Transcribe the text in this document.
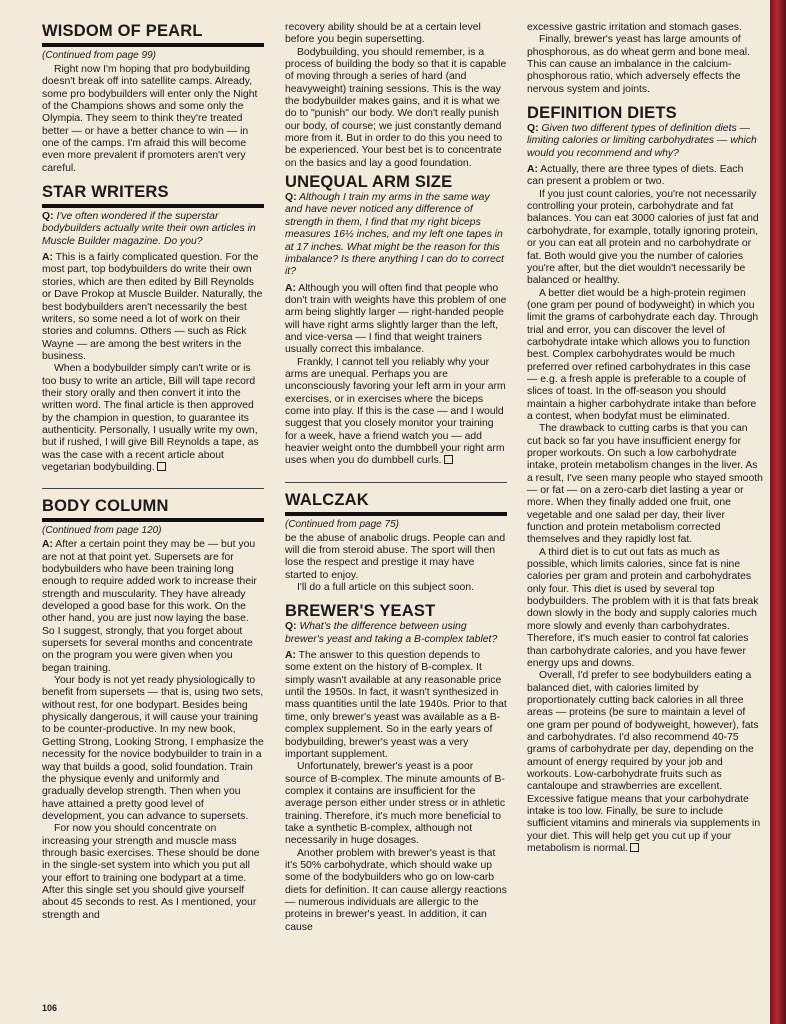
WISDOM OF PEARL

(Continued from page 99)

Right now I'm hoping that pro bodybuilding doesn't break off into satellite camps. Already, some pro bodybuilders will enter only the Night of the Champions shows and some only the Olympia. They seem to think they're treated better — or have a better chance to win — in one of the camps. I'm afraid this will become even more prevalent if promoters aren't very careful.

STAR WRITERS

Q: I've often wondered if the superstar bodybuilders actually write their own articles in Muscle Builder magazine. Do you?

A: This is a fairly complicated question. For the most part, top bodybuilders do write their own stories, which are then edited by Bill Reynolds or Dave Prokop at Muscle Builder. Naturally, the best bodybuilders aren't necessarily the best writers, so some need a lot of work on their stories and columns. Others — such as Rick Wayne — are among the best writers in the business.

When a bodybuilder simply can't write or is too busy to write an article, Bill will tape record their story orally and then convert it into the written word. The final article is then approved by the champion in question, to guarantee its authenticity. Personally, I usually write my own, but if rushed, I will give Bill Reynolds a tape, as was the case with a recent article about vegetarian bodybuilding.

BODY COLUMN

(Continued from page 120)

A: After a certain point they may be — but you are not at that point yet. Supersets are for bodybuilders who have been training long enough to require added work to increase their strength and muscularity. They have already developed a good base for this work. On the other hand, you are just now laying the base. So I suggest, strongly, that you forget about supersets for several months and concentrate on the program you were given when you began training.

Your body is not yet ready physiologically to benefit from supersets — that is, using two sets, without rest, for one bodypart. Besides being physically dangerous, it will cause your training to be counter-productive. In my new book, Getting Strong, Looking Strong, I emphasize the necessity for the novice bodybuilder to train in a way that builds a good, solid foundation. Train the physique evenly and uniformly and gradually develop strength. Then when you have attained a pretty good level of development, you can advance to supersets.

For now you should concentrate on increasing your strength and muscle mass through basic exercises. These should be done in the single-set system into which you put all your effort to training one bodypart at a time. After this single set you should give yourself about 45 seconds to rest. As I mentioned, your strength and

recovery ability should be at a certain level before you begin supersetting.

Bodybuilding, you should remember, is a process of building the body so that it is capable of moving through a series of hard (and heavyweight) training sessions. This is the way the bodybuilder makes gains, and it is what we do to "punish" our body. We don't really punish our body, of course; we just constantly demand more from it. But in order to do this you need to be experienced. Your best bet is to concentrate on the basics and lay a good foundation.

UNEQUAL ARM SIZE

Q: Although I train my arms in the same way and have never noticed any difference of strength in them, I find that my right biceps measures 16½ inches, and my left one tapes in at 17 inches. What might be the reason for this imbalance? Is there anything I can do to correct it?

A: Although you will often find that people who don't train with weights have this problem of one arm being slightly larger — right-handed people will have right arms slightly larger than the left, and vice-versa — I find that weight trainers usually correct this imbalance.

Frankly, I cannot tell you reliably why your arms are unequal. Perhaps you are unconsciously favoring your left arm in your arm exercises, or in exercises where the biceps come into play. If this is the case — and I would suggest that you closely monitor your training for a week, have a friend watch you — add heavier weight onto the dumbbell your right arm uses when you do dumbbell curls.

WALCZAK

(Continued from page 75)

be the abuse of anabolic drugs. People can and will die from steroid abuse. The sport will then lose the respect and prestige it may have started to enjoy.

I'll do a full article on this subject soon.

BREWER'S YEAST

Q: What's the difference between using brewer's yeast and taking a B-complex tablet?

A: The answer to this question depends to some extent on the history of B-complex. It simply wasn't available at any reasonable price until the 1950s. In fact, it wasn't synthesized in mass quantities until the late 1940s. Prior to that time, only brewer's yeast was available as a B-complex supplement. So in the early years of bodybuilding, brewer's yeast was a very important supplement.

Unfortunately, brewer's yeast is a poor source of B-complex. The minute amounts of B-complex it contains are insufficient for the average person either under stress or in athletic training. Therefore, it's much more beneficial to take a synthetic B-complex, although not necessarily in huge dosages.

Another problem with brewer's yeast is that it's 50% carbohydrate, which should wake up some of the bodybuilders who go on low-carb diets for definition. It can cause allergy reactions — numerous individuals are allergic to the proteins in brewer's yeast. In addition, it can cause

excessive gastric irritation and stomach gases.

Finally, brewer's yeast has large amounts of phosphorous, as do wheat germ and bone meal. This can cause an imbalance in the calcium-phosphorous ratio, which adversely effects the nervous system and joints.

DEFINITION DIETS

Q: Given two different types of definition diets — limiting calories or limiting carbohydrates — which would you recommend and why?

A: Actually, there are three types of diets. Each can present a problem or two.

If you just count calories, you're not necessarily controlling your protein, carbohydrate and fat balances. You can eat 3000 calories of just fat and carbohydrate, for example, totally ignoring protein, or you can eat all protein and no carbohydrate or fat. Both would give you the number of calories you're after, but the diet wouldn't necessarily be balanced or healthy.

A better diet would be a high-protein regimen (one gram per pound of bodyweight) in which you limit the grams of carbohydrate each day. Through trial and error, you can discover the level of carbohydrate intake which allows you to function best. Complex carbohydrates would be much preferred over refined carbohydrates in this case — e.g. a fresh apple is preferable to a couple of slices of toast. In the off-season you should maintain a higher carbohydrate intake than before a contest, when bodyfat must be eliminated.

The drawback to cutting carbs is that you can cut back so far you have insufficient energy for proper workouts. On such a low carbohydrate intake, protein metabolism changes in the liver. As a result, I've seen many people who stayed smooth — or fat — on a zero-carb diet lasting a year or more. When they finally added one fruit, one vegetable and one salad per day, their liver function and protein metabolism corrected themselves and they rapidly lost fat.

A third diet is to cut out fats as much as possible, which limits calories, since fat is nine calories per gram and protein and carbohydrates only four. This diet is used by several top bodybuilders. The problem with it is that fats break down slowly in the body and supply calories much more slowly and evenly than carbohydrates. Therefore, it's much easier to control fat calories than carbohydrate calories, and you have fewer energy ups and downs.

Overall, I'd prefer to see bodybuilders eating a balanced diet, with calories limited by proportionately cutting back calories in all three areas — proteins (be sure to maintain a level of one gram per pound of bodyweight, however), fats and carbohydrates. I'd also recommend 40-75 grams of carbohydrate per day, depending on the amount of energy required by your job and workouts. Low-carbohydrate fruits such as cantaloupe and strawberries are excellent. Excessive fatigue means that your carbohydrate intake is too low. Finally, be sure to include sufficient vitamins and minerals via supplements in your diet. This will help get you cut up if your metabolism is normal.

106
